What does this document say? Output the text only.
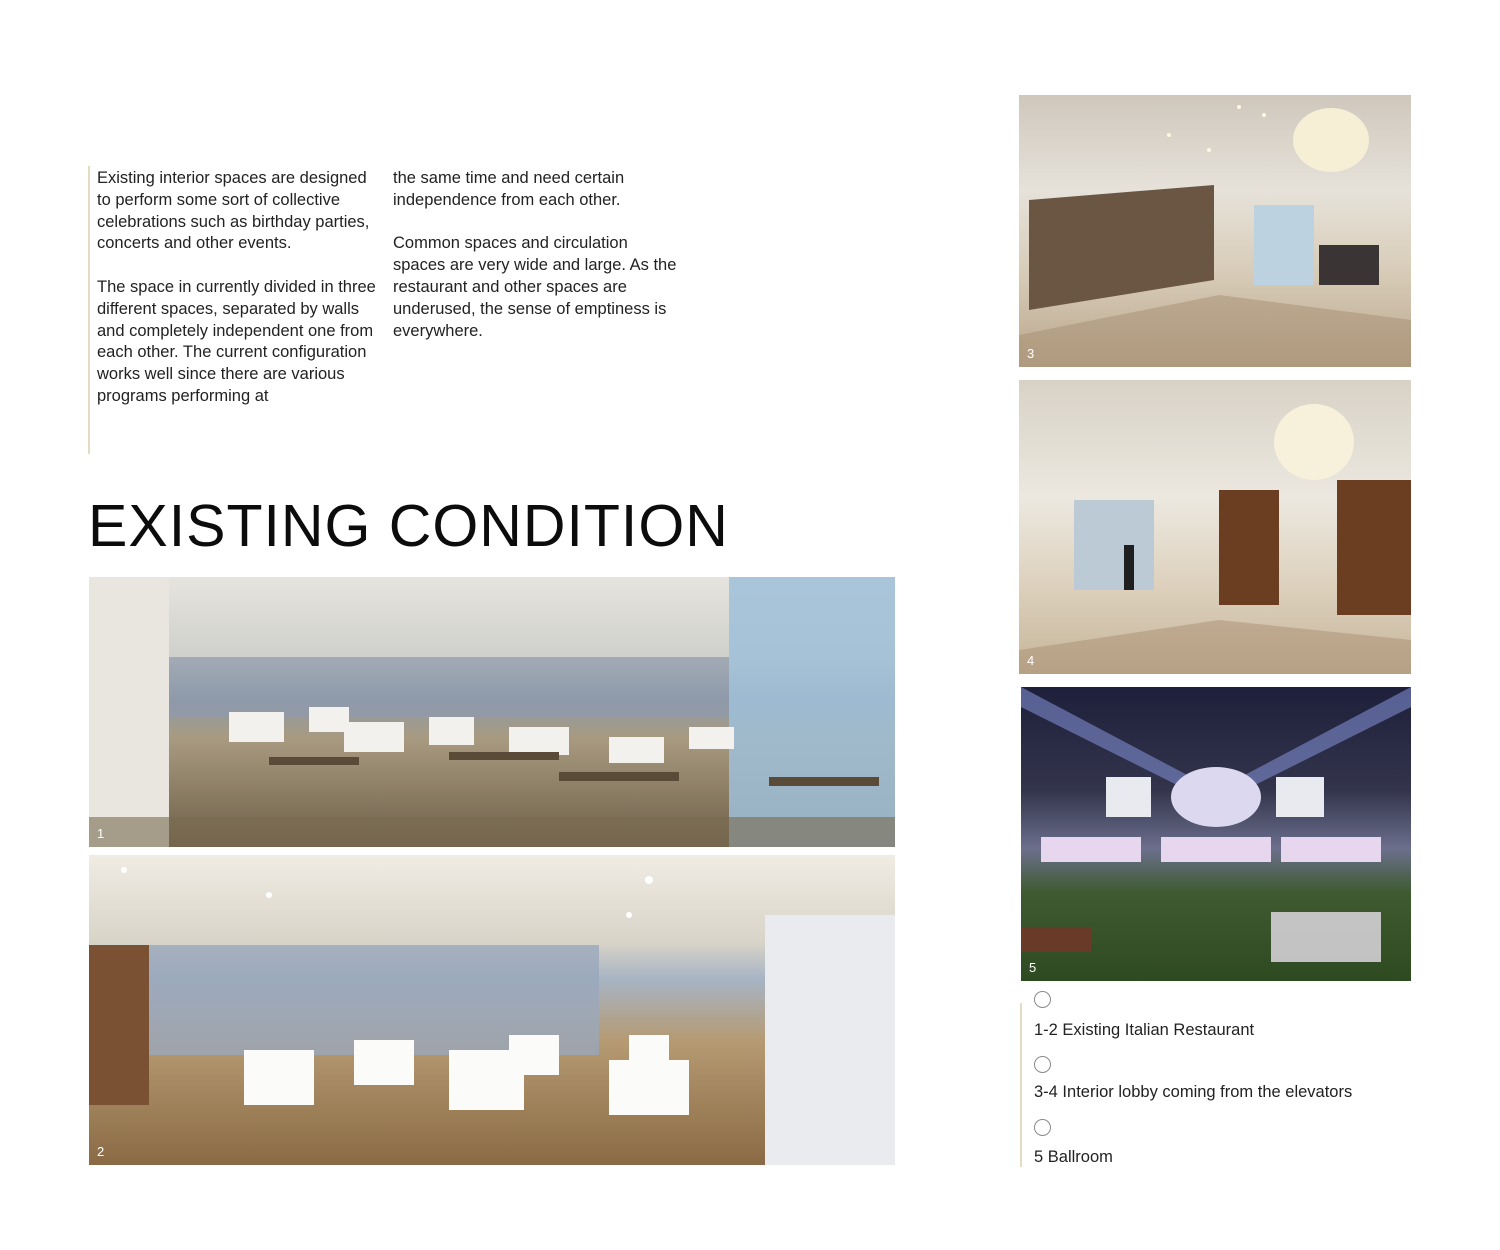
Existing interior spaces are designed to perform some sort of collective celebrations such as birthday parties, concerts and other events.

The space in currently divided in three different spaces, separated by walls and completely independent one from each other. The current configuration works well since there are various programs performing at

the same time and need certain independence from each other.

Common spaces and circulation spaces are very wide and large. As the restaurant and other spaces are underused, the sense of emptiness is everywhere.

EXISTING CONDITION
1
2
3
4
5
1-2 Existing Italian Restaurant
3-4 Interior lobby coming from the elevators
5 Ballroom
